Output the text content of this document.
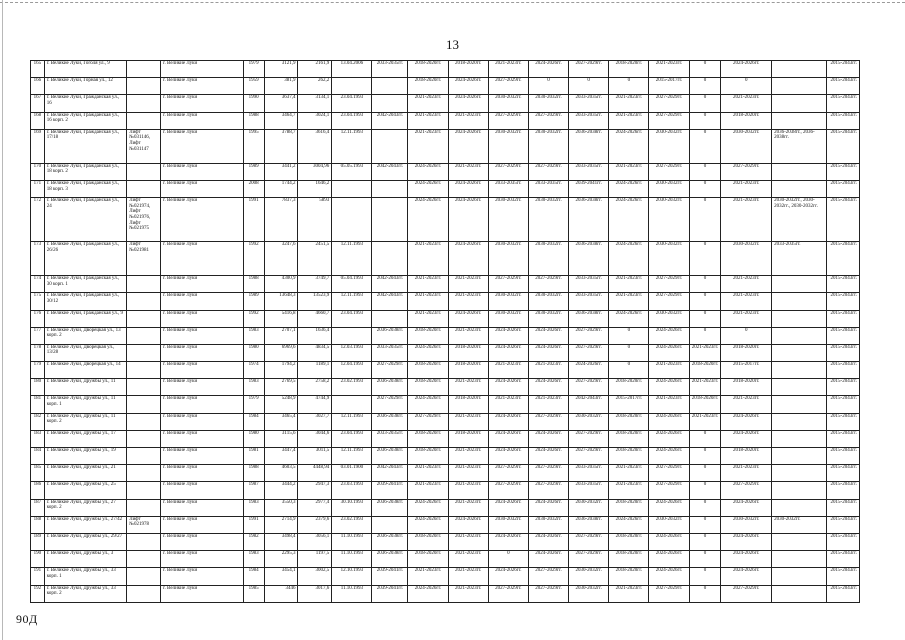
13
165	г. Великие Луки, Гоголя ул., 9		г. Великие Луки	1979	3121,9	2161,9	13.04.2006	2033-2035гг.	2018-2020гг.	2018-2020гг.	2021-2023гг.	2024-2026гг.	2027-2029гг.	2018-2020гг.	2021-2023гг.	0	2024-2026гг.		2015-2043гг.
166	г. Великие Луки, Горная ул., 12		г. Великие Луки	1959	381,9	262,2			2018-2020гг.	2024-2026гг.	2027-2029гг.	0	0	0	2015-2017гг.	0	0		2015-2043гг.
167	г. Великие Луки, Гражданская ул., 16		г. Великие Луки	1990	3637,4	3134,1	23.04.1993		2021-2023гг.	2024-2026гг.	2030-2032гг.	2030-2032гг.	2033-2035гг.	2021-2023гг.	2027-2029гг.	0	2021-2023гг.		2015-2043гг.
168	г. Великие Луки, Гражданская ул., 16 корп. 2		г. Великие Луки	1988	3464,7	3024,1	23.04.1993	2042-2043гг.	2021-2023гг.	2021-2023гг.	2027-2029гг.	2027-2029гг.	2033-2035гг.	2021-2023гг.	2027-2029гг.	0	2018-2020гг.		2015-2043гг.
169	г. Великие Луки, Гражданская ул., 17/18	Лифт №031146, Лифт №031147	г. Великие Луки	1995	3788,7	3616,4	12.11.1993		2021-2023гг.	2024-2026гг.	2030-2032гг.	2030-2032гг.	2036-2038гг.	2024-2026гг.	2030-2032гг.	0	2030-2032гг.	2036-2038гг., 2036-2038гг.	2015-2043гг.
170	г. Великие Луки, Гражданская ул., 18 корп. 2		г. Великие Луки	1989	3441,2	3004,96	05.05.1993	2042-2043гг.	2024-2026гг.	2021-2023гг.	2027-2029гг.	2027-2029гг.	2033-2035гг.	2021-2023гг.	2027-2029гг.	0	2027-2029гг.		2015-2043гг.
171	г. Великие Луки, Гражданская ул., 18 корп. 3		г. Великие Луки	2008	1744,2	1646,2			2024-2026гг.	2024-2026гг.	2033-2035гг.	2033-2035гг.	2039-2041гг.	2024-2026гг.	2030-2032гг.	0	2021-2023гг.		2015-2043гг.
172	г. Великие Луки, Гражданская ул., 24	Лифт №021974, Лифт №021976, Лифт №021975	г. Великие Луки	1991	7837,3	5893			2024-2026гг.	2024-2026гг.	2030-2032гг.	2030-2032гг.	2036-2038гг.	2024-2026гг.	2030-2032гг.	0	2021-2023гг.	2030-2032гг., 2030-2032гг., 2030-2032гг.	2015-2043гг.
173	г. Великие Луки, Гражданская ул., 26/26	Лифт №021981	г. Великие Луки	1992	3247,6	2451,5	12.11.1993		2021-2023гг.	2024-2026гг.	2030-2032гг.	2030-2032гг.	2036-2038гг.	2024-2026гг.	2030-2032гг.	0	2030-2032гг.	2033-2035гг.	2015-2043гг.
174	г. Великие Луки, Гражданская ул., 30 корп. 1		г. Великие Луки	1988	4300,9	3749,7	05.04.1993	2042-2043гг.	2021-2023гг.	2021-2023гг.	2027-2029гг.	2027-2029гг.	2033-2035гг.	2021-2023гг.	2027-2029гг.	0	2021-2023гг.		2015-2043гг.
175	г. Великие Луки, Гражданская ул., 30/12		г. Великие Луки	1989	13648,3	13523,9	12.11.1993	2042-2043гг.	2021-2023гг.	2021-2023гг.	2030-2032гг.	2030-2032гг.	2033-2035гг.	2021-2023гг.	2027-2029гг.	0	2021-2023гг.		2015-2043гг.
176	г. Великие Луки, Гражданская ул., 9		г. Великие Луки	1992	5416,8	4660,7	23.04.1993		2021-2023гг.	2024-2026гг.	2030-2032гг.	2030-2032гг.	2036-2038гг.	2024-2026гг.	2030-2032гг.	0	2021-2023гг.		2015-2043гг.
177	г. Великие Луки, Дворецкая ул., 13 корп. 2		г. Великие Луки	1983	2707,1	1636,4		2036-2038гг.	2018-2020гг.	2021-2023гг.	2024-2026гг.	2024-2026гг.	2027-2029гг.	0	2024-2026гг.	0	0		2015-2043гг.
178	г. Великие Луки, Дворецкая ул., 13/28		г. Великие Луки	1980	6969,6	4834,5	12.03.1993	2033-2035гг.	2024-2026гг.	2018-2020гг.	2024-2026гг.	2024-2026гг.	2027-2029гг.	0	2024-2026гг.	2021-2023гг.	2018-2020гг.		2015-2043гг.
179	г. Великие Луки, Дворецкая ул., 14		г. Великие Луки	1974	1794,2	1189,1	12.04.1993	2027-2029гг.	2018-2020гг.	2018-2020гг.	2021-2023гг.	2021-2023гг.	2024-2026гг.	0	2021-2023гг.	2018-2020гг.	2015-2017гг.		2015-2043гг.
180	г. Великие Луки, Дружбы ул., 11		г. Великие Луки	1983	2769,5	2758,2	23.02.1993	2036-2038гг.	2018-2020гг.	2021-2023гг.	2024-2026гг.	2024-2026гг.	2027-2029гг.	2018-2020гг.	2024-2026гг.	2021-2023гг.	2018-2020гг.		2015-2043гг.
181	г. Великие Луки, Дружбы ул., 11 корп. 1		г. Великие Луки	1979	5248,9	4744,9		2027-2029гг.	2024-2026гг.	2018-2020гг.	2021-2023гг.	2021-2023гг.	2042-2043гг.	2015-2017гг.	2021-2023гг.	2018-2020гг.	2021-2023гг.		2015-2043гг.
182	г. Великие Луки, Дружбы ул., 11 корп. 2		г. Великие Луки	1984	3465,4	3027,7	12.11.1993	2036-2038гг.	2027-2029гг.	2021-2023гг.	2024-2026гг.	2027-2029гг.	2030-2032гг.	2018-2020гг.	2024-2026гг.	2021-2023гг.	2024-2026гг.		2015-2043гг.
183	г. Великие Луки, Дружбы ул., 17		г. Великие Луки	1980	3115,6	3044,6	23.04.1993	2033-2035гг.	2018-2020гг.	2018-2020гг.	2024-2026гг.	2024-2026гг.	2027-2029гг.	2018-2020гг.	2024-2026гг.	0	2024-2026гг.		2015-2043гг.
184	г. Великие Луки, Дружбы ул., 19		г. Великие Луки	1981	3447,4	3011,5	12.11.1993	2036-2038гг.	2018-2020гг.	2021-2023гг.	2024-2026гг.	2024-2026гг.	2027-2029гг.	2018-2020гг.	2024-2026гг.	0	2018-2020гг.		2015-2043гг.
185	г. Великие Луки, Дружбы ул., 21		г. Великие Луки	1988	4603,5	4448,94	03.01.1900	2042-2043гг.	2021-2023гг.	2021-2023гг.	2027-2029гг.	2027-2029гг.	2033-2035гг.	2021-2023гг.	2027-2029гг.	0	2021-2023гг.		2015-2043гг.
186	г. Великие Луки, Дружбы ул., 25		г. Великие Луки	1987	3444,2	2947,3	23.03.1993	2039-2041гг.	2021-2023гг.	2021-2023гг.	2027-2029гг.	2027-2029гг.	2033-2035гг.	2021-2023гг.	2027-2029гг.	0	2027-2029гг.		2015-2043гг.
187	г. Великие Луки, Дружбы ул., 27 корп. 2		г. Великие Луки	1983	3550,3	2977,4	30.10.1993	2036-2038гг.	2024-2026гг.	2021-2023гг.	2024-2026гг.	2024-2026гг.	2030-2032гг.	2018-2020гг.	2024-2026гг.	0	2024-2026гг.		2015-2043гг.
188	г. Великие Луки, Дружбы ул., 27/42	Лифт №021978	г. Великие Луки	1991	2714,9	2379,6	23.02.1993		2024-2026гг.	2024-2026гг.	2030-2032гг.	2030-2032гг.	2036-2038гг.	2024-2026гг.	2030-2032гг.	0	2030-2032гг.	2030-2032гг.	2015-2043гг.
189	г. Великие Луки, Дружбы ул., 29/27		г. Великие Луки	1982	3498,4	3056,1	11.10.1993	2036-2038гг.	2018-2020гг.	2021-2023гг.	2024-2026гг.	2024-2026гг.	2027-2029гг.	2018-2020гг.	2024-2026гг.	0	2024-2026гг.		2015-2043гг.
190	г. Великие Луки, Дружбы ул., 3		г. Великие Луки	1983	2295,3	1197,5	11.10.1993	2036-2038гг.	2018-2020гг.	2021-2023гг.	0	2024-2026гг.	2027-2029гг.	2018-2020гг.	2024-2026гг.	0	2024-2026гг.		2015-2043гг.
191	г. Великие Луки, Дружбы ул., 33 корп. 1		г. Великие Луки	1984	3454,1	3002,5	12.10.1993	2039-2041гг.	2021-2023гг.	2021-2023гг.	2024-2026гг.	2027-2029гг.	2030-2032гг.	2018-2020гг.	2024-2026гг.	0	2024-2026гг.		2015-2043гг.
192	г. Великие Луки, Дружбы ул., 33 корп. 2		г. Великие Луки	1985	3446	3017,6	11.10.1993	2039-2041гг.	2024-2026гг.	2021-2023гг.	2027-2029гг.	2027-2029гг.	2030-2032гг.	2021-2023гг.	2027-2029гг.	0	2027-2029гг.		2015-2043гг.
90Д
